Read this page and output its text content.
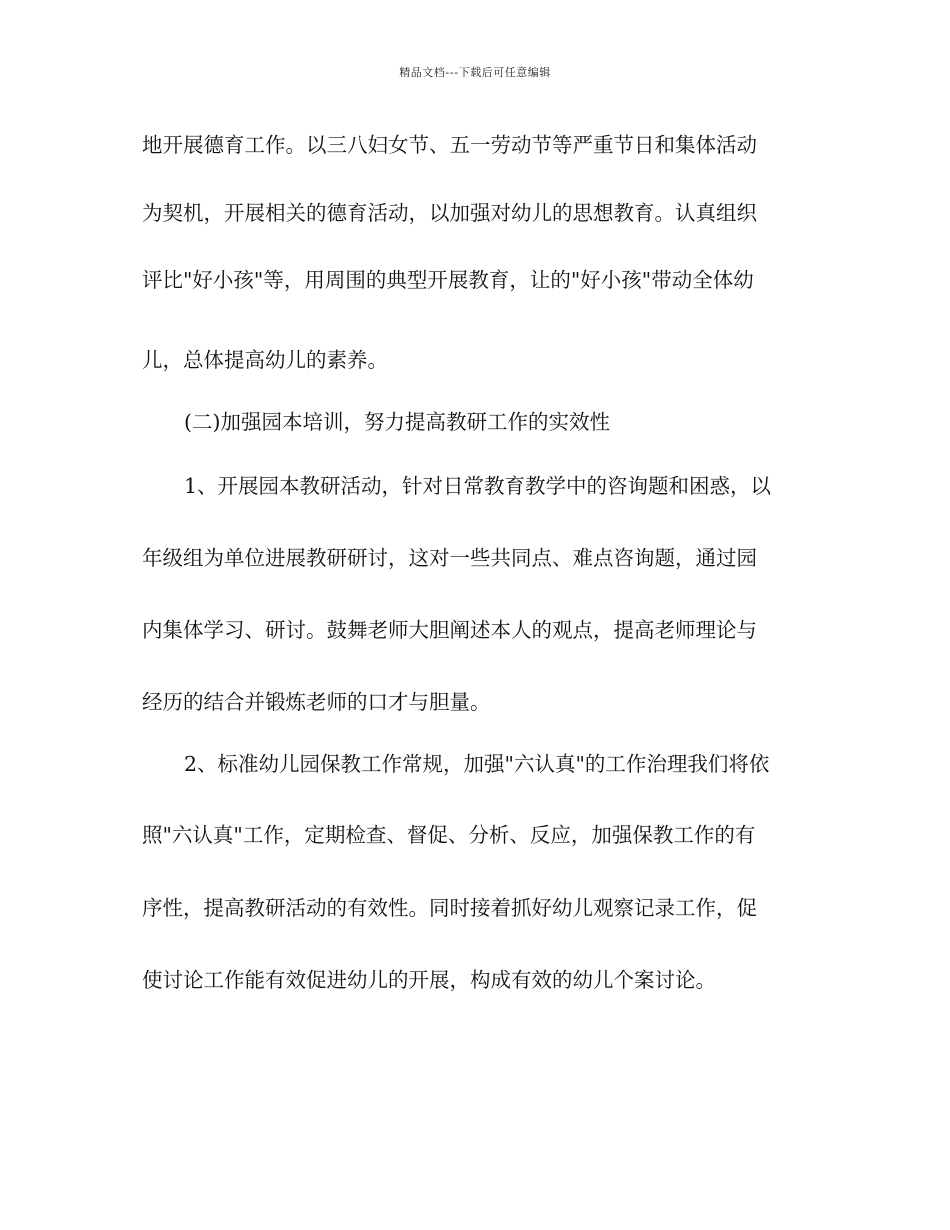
精品文档---下载后可任意编辑
地开展德育工作。以三八妇女节、五一劳动节等严重节日和集体活动
为契机，开展相关的德育活动，以加强对幼儿的思想教育。认真组织
评比"好小孩"等，用周围的典型开展教育，让的"好小孩"带动全体幼
儿，总体提高幼儿的素养。
(二)加强园本培训，努力提高教研工作的实效性
1、开展园本教研活动，针对日常教育教学中的咨询题和困惑，以
年级组为单位进展教研研讨，这对一些共同点、难点咨询题，通过园
内集体学习、研讨。鼓舞老师大胆阐述本人的观点，提高老师理论与
经历的结合并锻炼老师的口才与胆量。
2、标准幼儿园保教工作常规，加强"六认真"的工作治理我们将依
照"六认真"工作，定期检查、督促、分析、反应，加强保教工作的有
序性，提高教研活动的有效性。同时接着抓好幼儿观察记录工作，促
使讨论工作能有效促进幼儿的开展，构成有效的幼儿个案讨论。
